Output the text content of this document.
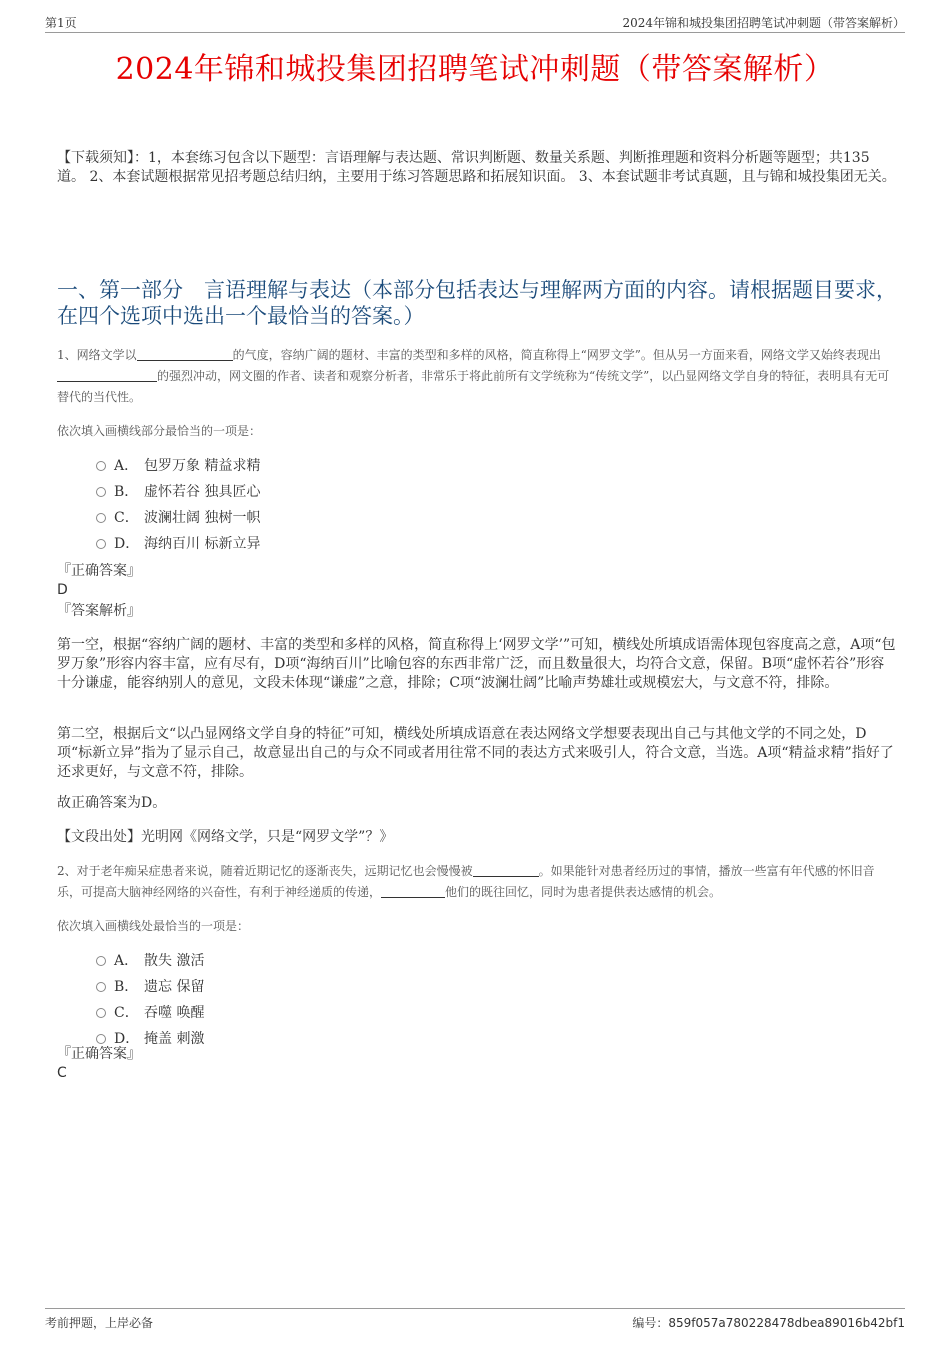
第1页	2024年锦和城投集团招聘笔试冲刺题（带答案解析）
2024年锦和城投集团招聘笔试冲刺题（带答案解析）
【下载须知】：1，本套练习包含以下题型：言语理解与表达题、常识判断题、数量关系题、判断推理题和资料分析题等题型；共135道。 2、本套试题根据常见招考题总结归纳，主要用于练习答题思路和拓展知识面。 3、本套试题非考试真题，且与锦和城投集团无关。
一、第一部分　言语理解与表达（本部分包括表达与理解两方面的内容。请根据题目要求，在四个选项中选出一个最恰当的答案。）
1、网络文学以	的气度，容纳广阔的题材、丰富的类型和多样的风格，简直称得上“网罗文学”。但从另一方面来看，网络文学又始终表现出的强烈冲动，网文圈的作者、读者和观察分析者，非常乐于将此前所有文学统称为“传统文学”，以凸显网络文学自身的特征，表明具有无可替代的当代性。
依次填入画横线部分最恰当的一项是：
A． 包罗万象 精益求精
B． 虚怀若谷 独具匠心
C． 波澜壮阔 独树一帜
D． 海纳百川 标新立异
『正确答案』
D
『答案解析』
第一空，根据“容纳广阔的题材、丰富的类型和多样的风格，简直称得上‘网罗文学’”可知，横线处所填成语需体现包容度高之意，A项“包罗万象”形容内容丰富，应有尽有，D项“海纳百川”比喻包容的东西非常广泛，而且数量很大，均符合文意，保留。B项“虚怀若谷”形容十分谦虚，能容纳别人的意见，文段未体现“谦虚”之意，排除；C项“波澜壮阔”比喻声势雄壮或规模宏大，与文意不符，排除。
第二空，根据后文“以凸显网络文学自身的特征”可知，横线处所填成语意在表达网络文学想要表现出自己与其他文学的不同之处，D项“标新立异”指为了显示自己，故意显出自己的与众不同或者用往常不同的表达方式来吸引人，符合文意，当选。A项“精益求精”指好了还求更好，与文意不符，排除。
故正确答案为D。
【文段出处】光明网《网络文学，只是“网罗文学”？》
2、对于老年痴呆症患者来说，随着近期记忆的逐渐丧失，远期记忆也会慢慢被	。如果能针对患者经历过的事情，播放一些富有年代感的怀旧音乐，可提高大脑神经网络的兴奋性，有利于神经递质的传递，	他们的既往回忆，同时为患者提供表达感情的机会。
依次填入画横线处最恰当的一项是：
A． 散失 激活
B． 遗忘 保留
C． 吞噬 唤醒
D． 掩盖 刺激
『正确答案』
C
考前押题，上岸必备	编号：859f057a780228478dbea89016b42bf1
